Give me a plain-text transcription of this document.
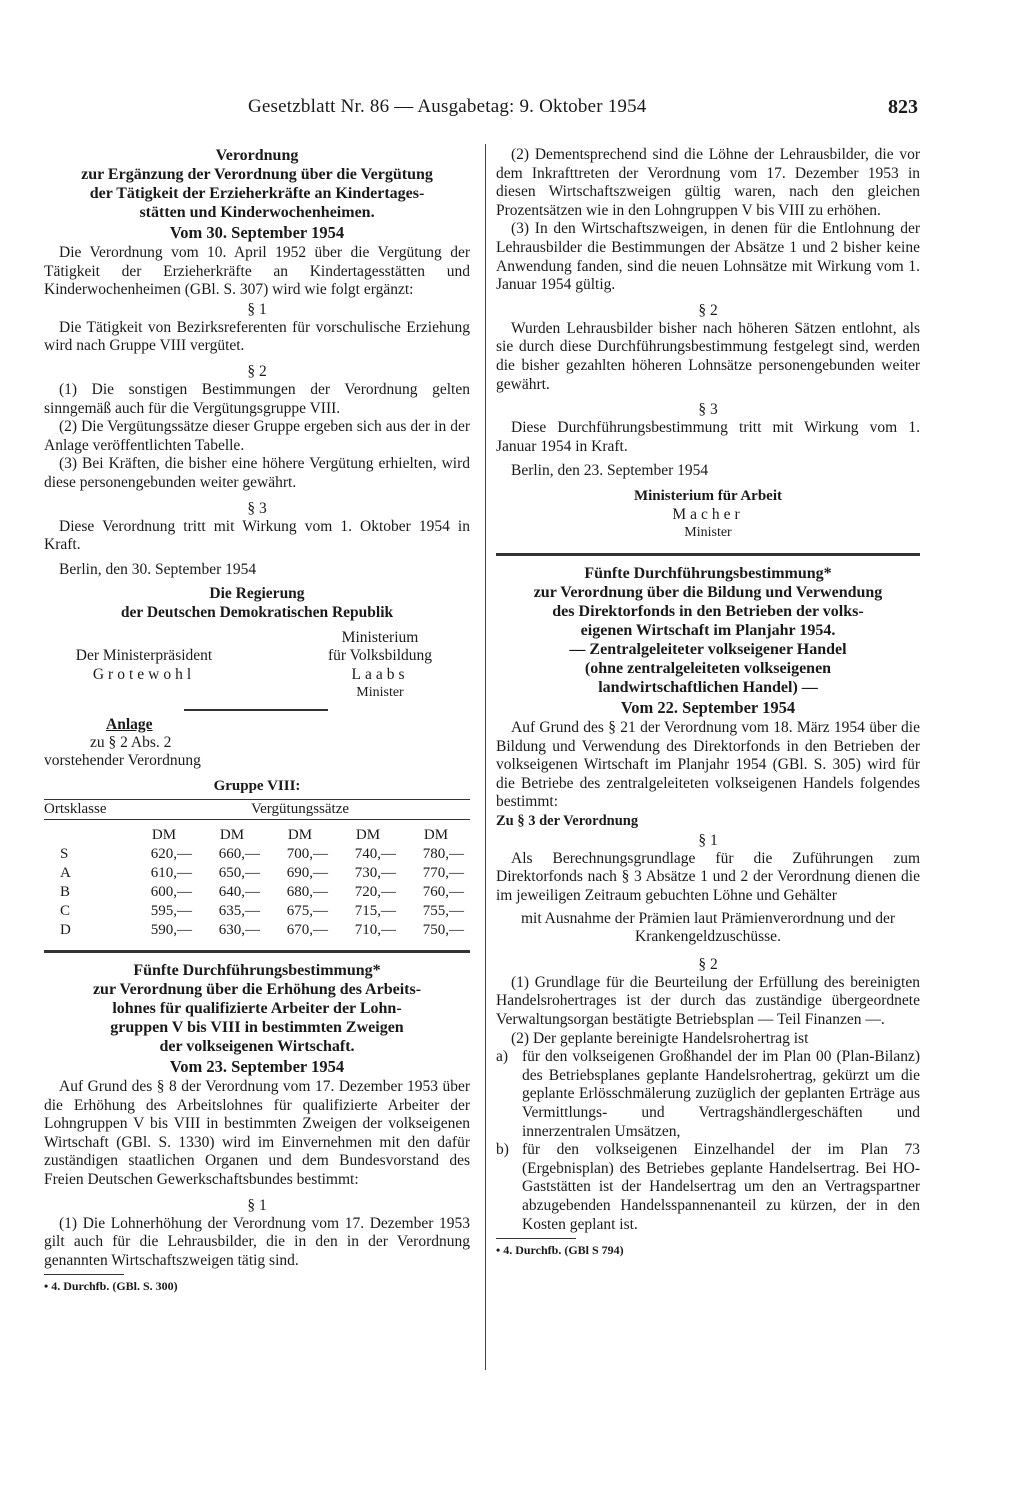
Gesetzblatt Nr. 86 — Ausgabetag: 9. Oktober 1954	823
Verordnung
zur Ergänzung der Verordnung über die Vergütung
der Tätigkeit der Erzieherkräfte an Kindertages-
stätten und Kinderwochenheimen.
Vom 30. September 1954

Die Verordnung vom 10. April 1952 über die Vergütung der Tätigkeit der Erzieherkräfte an Kindertagesstätten und Kinderwochenheimen (GBl. S. 307) wird wie folgt ergänzt:

§ 1

Die Tätigkeit von Bezirksreferenten für vorschulische Erziehung wird nach Gruppe VIII vergütet.

§ 2

(1) Die sonstigen Bestimmungen der Verordnung gelten sinngemäß auch für die Vergütungsgruppe VIII.

(2) Die Vergütungssätze dieser Gruppe ergeben sich aus der in der Anlage veröffentlichten Tabelle.

(3) Bei Kräften, die bisher eine höhere Vergütung erhielten, wird diese personengebunden weiter gewährt.

§ 3

Diese Verordnung tritt mit Wirkung vom 1. Oktober 1954 in Kraft.

Berlin, den 30. September 1954

Die Regierung
der Deutschen Demokratischen Republik
Der Ministerpräsident
Grotewohl
Ministerium
für Volksbildung
Laabs
Minister
Anlage
zu § 2 Abs. 2
vorstehender Verordnung
Gruppe VIII:
Ortsklasse	Vergütungssätze				

	DM	DM	DM	DM	DM
S	620,—	660,—	700,—	740,—	780,—
A	610,—	650,—	690,—	730,—	770,—
B	600,—	640,—	680,—	720,—	760,—
C	595,—	635,—	675,—	715,—	755,—
D	590,—	630,—	670,—	710,—	750,—
Fünfte Durchführungsbestimmung*
zur Verordnung über die Erhöhung des Arbeits-
lohnes für qualifizierte Arbeiter der Lohn-
gruppen V bis VIII in bestimmten Zweigen
der volkseigenen Wirtschaft.
Vom 23. September 1954

Auf Grund des § 8 der Verordnung vom 17. Dezember 1953 über die Erhöhung des Arbeitslohnes für qualifizierte Arbeiter der Lohngruppen V bis VIII in bestimmten Zweigen der volkseigenen Wirtschaft (GBl. S. 1330) wird im Einvernehmen mit den dafür zuständigen staatlichen Organen und dem Bundesvorstand des Freien Deutschen Gewerkschaftsbundes bestimmt:

§ 1

(1) Die Lohnerhöhung der Verordnung vom 17. Dezember 1953 gilt auch für die Lehrausbilder, die in den in der Verordnung genannten Wirtschaftszweigen tätig sind.

• 4. Durchfb. (GBl. S. 300)

(2) Dementsprechend sind die Löhne der Lehrausbilder, die vor dem Inkrafttreten der Verordnung vom 17. Dezember 1953 in diesen Wirtschaftszweigen gültig waren, nach den gleichen Prozentsätzen wie in den Lohngruppen V bis VIII zu erhöhen.

(3) In den Wirtschaftszweigen, in denen für die Entlohnung der Lehrausbilder die Bestimmungen der Absätze 1 und 2 bisher keine Anwendung fanden, sind die neuen Lohnsätze mit Wirkung vom 1. Januar 1954 gültig.

§ 2

Wurden Lehrausbilder bisher nach höheren Sätzen entlohnt, als sie durch diese Durchführungsbestimmung festgelegt sind, werden die bisher gezahlten höheren Lohnsätze personengebunden weiter gewährt.

§ 3

Diese Durchführungsbestimmung tritt mit Wirkung vom 1. Januar 1954 in Kraft.

Berlin, den 23. September 1954

Ministerium für Arbeit
Macher
Minister
Fünfte Durchführungsbestimmung*
zur Verordnung über die Bildung und Verwendung
des Direktorfonds in den Betrieben der volks-
eigenen Wirtschaft im Planjahr 1954.
— Zentralgeleiteter volkseigener Handel
(ohne zentralgeleiteten volkseigenen
landwirtschaftlichen Handel) —
Vom 22. September 1954

Auf Grund des § 21 der Verordnung vom 18. März 1954 über die Bildung und Verwendung des Direktorfonds in den Betrieben der volkseigenen Wirtschaft im Planjahr 1954 (GBl. S. 305) wird für die Betriebe des zentralgeleiteten volkseigenen Handels folgendes bestimmt:

Zu § 3 der Verordnung
§ 1

Als Berechnungsgrundlage für die Zuführungen zum Direktorfonds nach § 3 Absätze 1 und 2 der Verordnung dienen die im jeweiligen Zeitraum gebuchten Löhne und Gehälter

mit Ausnahme der Prämien laut Prämienverordnung und der Krankengeldzuschüsse.

§ 2

(1) Grundlage für die Beurteilung der Erfüllung des bereinigten Handelsrohertrages ist der durch das zuständige übergeordnete Verwaltungsorgan bestätigte Betriebsplan — Teil Finanzen —.

(2) Der geplante bereinigte Handelsrohertrag ist

a) für den volkseigenen Großhandel der im Plan 00 (Plan-Bilanz) des Betriebsplanes geplante Handelsrohertrag, gekürzt um die geplante Erlösschmälerung zuzüglich der geplanten Erträge aus Vermittlungs- und Vertragshändlergeschäften und innerzentralen Umsätzen,

b) für den volkseigenen Einzelhandel der im Plan 73 (Ergebnisplan) des Betriebes geplante Handelsertrag. Bei HO-Gaststätten ist der Handelsertrag um den an Vertragspartner abzugebenden Handelsspannenanteil zu kürzen, der in den Kosten geplant ist.

• 4. Durchfb. (GBl S 794)
